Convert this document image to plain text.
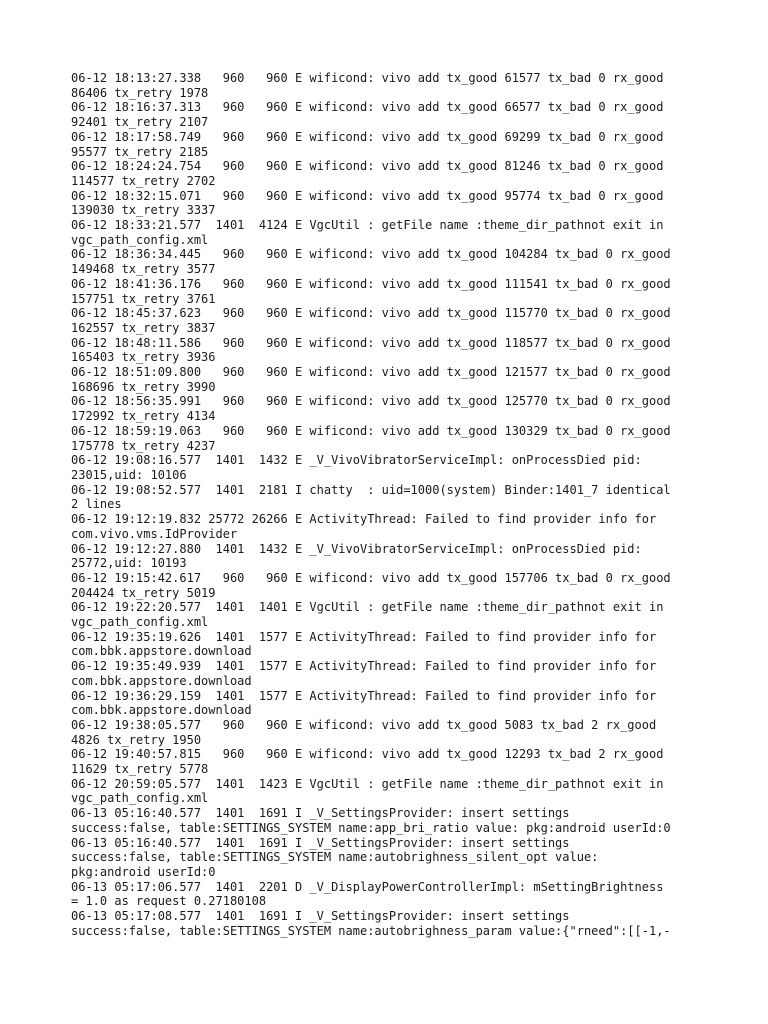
06-12 18:13:27.338   960   960 E wificond: vivo add tx_good 61577 tx_bad 0 rx_good
86406 tx_retry 1978

06-12 18:16:37.313   960   960 E wificond: vivo add tx_good 66577 tx_bad 0 rx_good
92401 tx_retry 2107

06-12 18:17:58.749   960   960 E wificond: vivo add tx_good 69299 tx_bad 0 rx_good
95577 tx_retry 2185

06-12 18:24:24.754   960   960 E wificond: vivo add tx_good 81246 tx_bad 0 rx_good
114577 tx_retry 2702

06-12 18:32:15.071   960   960 E wificond: vivo add tx_good 95774 tx_bad 0 rx_good
139030 tx_retry 3337

06-12 18:33:21.577  1401  4124 E VgcUtil : getFile name :theme_dir_pathnot exit in
vgc_path_config.xml

06-12 18:36:34.445   960   960 E wificond: vivo add tx_good 104284 tx_bad 0 rx_good
149468 tx_retry 3577

06-12 18:41:36.176   960   960 E wificond: vivo add tx_good 111541 tx_bad 0 rx_good
157751 tx_retry 3761

06-12 18:45:37.623   960   960 E wificond: vivo add tx_good 115770 tx_bad 0 rx_good
162557 tx_retry 3837

06-12 18:48:11.586   960   960 E wificond: vivo add tx_good 118577 tx_bad 0 rx_good
165403 tx_retry 3936

06-12 18:51:09.800   960   960 E wificond: vivo add tx_good 121577 tx_bad 0 rx_good
168696 tx_retry 3990

06-12 18:56:35.991   960   960 E wificond: vivo add tx_good 125770 tx_bad 0 rx_good
172992 tx_retry 4134

06-12 18:59:19.063   960   960 E wificond: vivo add tx_good 130329 tx_bad 0 rx_good
175778 tx_retry 4237

06-12 19:08:16.577  1401  1432 E _V_VivoVibratorServiceImpl: onProcessDied pid:
23015,uid: 10106

06-12 19:08:52.577  1401  2181 I chatty  : uid=1000(system) Binder:1401_7 identical
2 lines

06-12 19:12:19.832 25772 26266 E ActivityThread: Failed to find provider info for
com.vivo.vms.IdProvider

06-12 19:12:27.880  1401  1432 E _V_VivoVibratorServiceImpl: onProcessDied pid:
25772,uid: 10193

06-12 19:15:42.617   960   960 E wificond: vivo add tx_good 157706 tx_bad 0 rx_good
204424 tx_retry 5019

06-12 19:22:20.577  1401  1401 E VgcUtil : getFile name :theme_dir_pathnot exit in
vgc_path_config.xml

06-12 19:35:19.626  1401  1577 E ActivityThread: Failed to find provider info for
com.bbk.appstore.download

06-12 19:35:49.939  1401  1577 E ActivityThread: Failed to find provider info for
com.bbk.appstore.download

06-12 19:36:29.159  1401  1577 E ActivityThread: Failed to find provider info for
com.bbk.appstore.download

06-12 19:38:05.577   960   960 E wificond: vivo add tx_good 5083 tx_bad 2 rx_good
4826 tx_retry 1950

06-12 19:40:57.815   960   960 E wificond: vivo add tx_good 12293 tx_bad 2 rx_good
11629 tx_retry 5778

06-12 20:59:05.577  1401  1423 E VgcUtil : getFile name :theme_dir_pathnot exit in
vgc_path_config.xml

06-13 05:16:40.577  1401  1691 I _V_SettingsProvider: insert settings
success:false, table:SETTINGS_SYSTEM name:app_bri_ratio value: pkg:android userId:0

06-13 05:16:40.577  1401  1691 I _V_SettingsProvider: insert settings
success:false, table:SETTINGS_SYSTEM name:autobrighness_silent_opt value:
pkg:android userId:0

06-13 05:17:06.577  1401  2201 D _V_DisplayPowerControllerImpl: mSettingBrightness
= 1.0 as request 0.27180108

06-13 05:17:08.577  1401  1691 I _V_SettingsProvider: insert settings
success:false, table:SETTINGS_SYSTEM name:autobrighness_param value:{"rneed":[[-1,-
